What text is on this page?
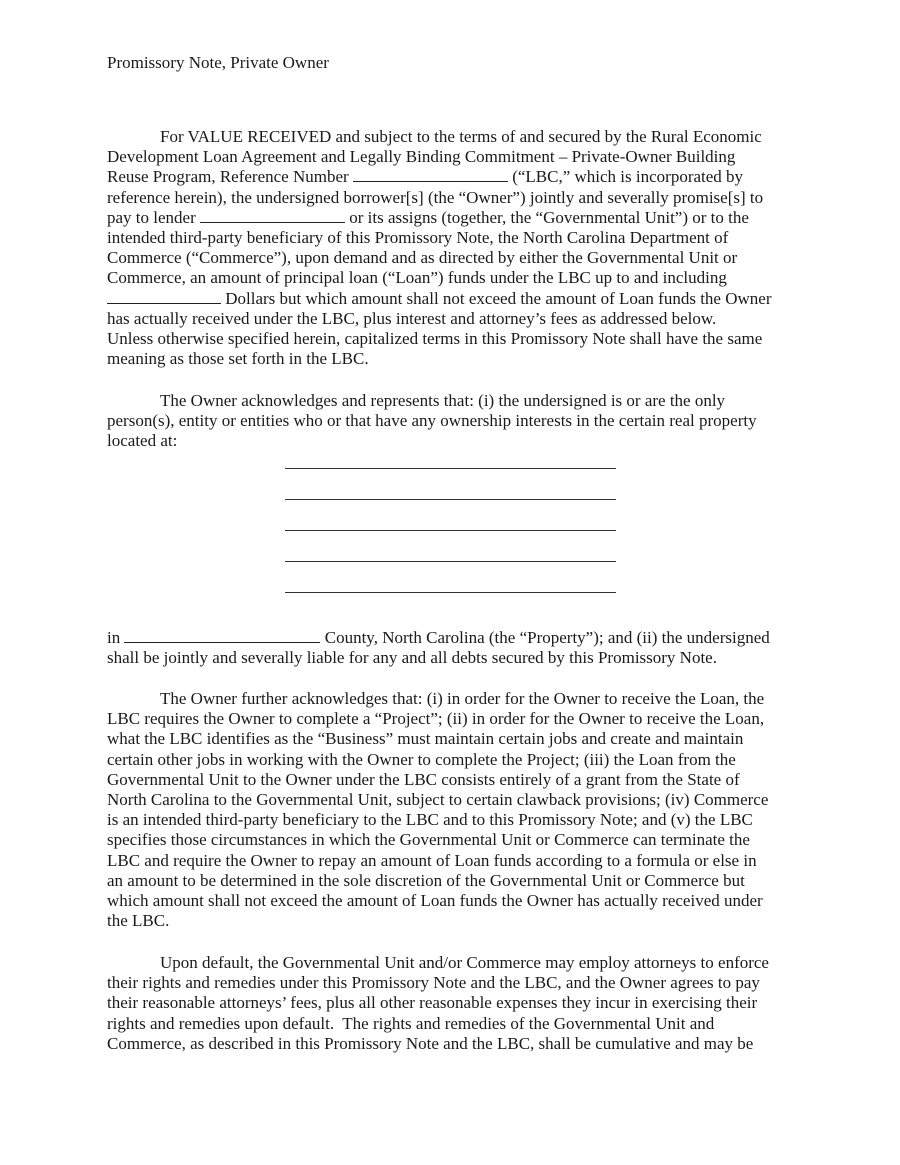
Promissory Note, Private Owner
For VALUE RECEIVED and subject to the terms of and secured by the Rural Economic
Development Loan Agreement and Legally Binding Commitment – Private-Owner Building
Reuse Program, Reference Number	(“LBC,” which is incorporated by
reference herein), the undersigned borrower[s] (the “Owner”) jointly and severally promise[s] to
pay to lender	or its assigns (together, the “Governmental Unit”) or to the
intended third-party beneficiary of this Promissory Note, the North Carolina Department of
Commerce (“Commerce”), upon demand and as directed by either the Governmental Unit or
Commerce, an amount of principal loan (“Loan”) funds under the LBC up to and including
Dollars but which amount shall not exceed the amount of Loan funds the Owner
has actually received under the LBC, plus interest and attorney’s fees as addressed below.
Unless otherwise specified herein, capitalized terms in this Promissory Note shall have the same
meaning as those set forth in the LBC.
The Owner acknowledges and represents that: (i) the undersigned is or are the only
person(s), entity or entities who or that have any ownership interests in the certain real property
located at:
in	County, North Carolina (the “Property”); and (ii) the undersigned
shall be jointly and severally liable for any and all debts secured by this Promissory Note.
The Owner further acknowledges that: (i) in order for the Owner to receive the Loan, the
LBC requires the Owner to complete a “Project”; (ii) in order for the Owner to receive the Loan,
what the LBC identifies as the “Business” must maintain certain jobs and create and maintain
certain other jobs in working with the Owner to complete the Project; (iii) the Loan from the
Governmental Unit to the Owner under the LBC consists entirely of a grant from the State of
North Carolina to the Governmental Unit, subject to certain clawback provisions; (iv) Commerce
is an intended third-party beneficiary to the LBC and to this Promissory Note; and (v) the LBC
specifies those circumstances in which the Governmental Unit or Commerce can terminate the
LBC and require the Owner to repay an amount of Loan funds according to a formula or else in
an amount to be determined in the sole discretion of the Governmental Unit or Commerce but
which amount shall not exceed the amount of Loan funds the Owner has actually received under
the LBC.
Upon default, the Governmental Unit and/or Commerce may employ attorneys to enforce
their rights and remedies under this Promissory Note and the LBC, and the Owner agrees to pay
their reasonable attorneys’ fees, plus all other reasonable expenses they incur in exercising their
rights and remedies upon default.  The rights and remedies of the Governmental Unit and
Commerce, as described in this Promissory Note and the LBC, shall be cumulative and may be
